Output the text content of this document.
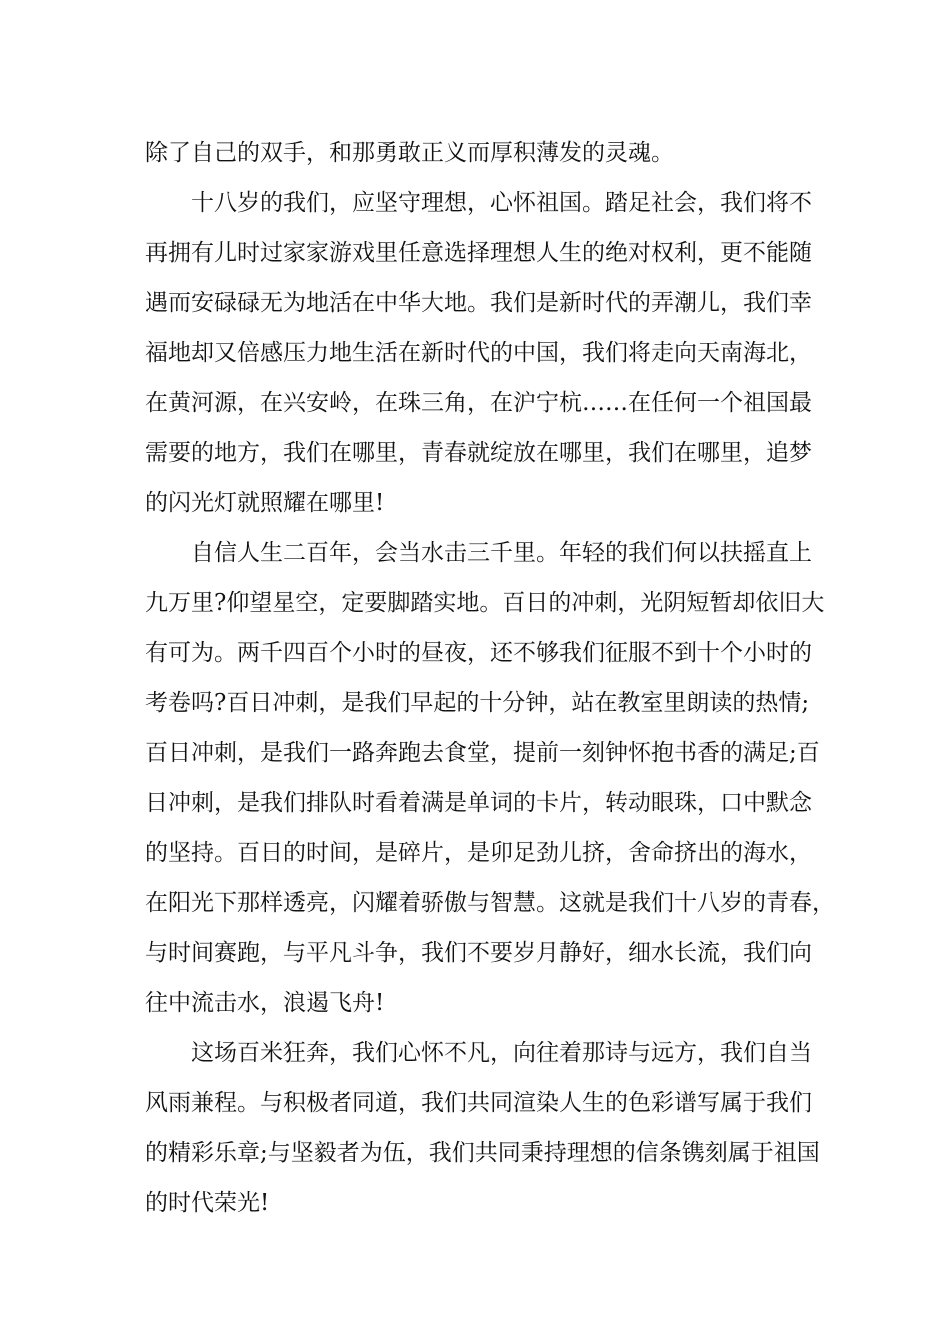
除了自己的双手，和那勇敢正义而厚积薄发的灵魂。
十八岁的我们，应坚守理想，心怀祖国。踏足社会，我们将不
再拥有儿时过家家游戏里任意选择理想人生的绝对权利，更不能随
遇而安碌碌无为地活在中华大地。我们是新时代的弄潮儿，我们幸
福地却又倍感压力地生活在新时代的中国，我们将走向天南海北，
在黄河源，在兴安岭，在珠三角，在沪宁杭……在任何一个祖国最
需要的地方，我们在哪里，青春就绽放在哪里，我们在哪里，追梦
的闪光灯就照耀在哪里!
自信人生二百年，会当水击三千里。年轻的我们何以扶摇直上
九万里?仰望星空，定要脚踏实地。百日的冲刺，光阴短暂却依旧大
有可为。两千四百个小时的昼夜，还不够我们征服不到十个小时的
考卷吗?百日冲刺，是我们早起的十分钟，站在教室里朗读的热情;
百日冲刺，是我们一路奔跑去食堂，提前一刻钟怀抱书香的满足;百
日冲刺，是我们排队时看着满是单词的卡片，转动眼珠，口中默念
的坚持。百日的时间，是碎片，是卯足劲儿挤，舍命挤出的海水，
在阳光下那样透亮，闪耀着骄傲与智慧。这就是我们十八岁的青春，
与时间赛跑，与平凡斗争，我们不要岁月静好，细水长流，我们向
往中流击水，浪遏飞舟!
这场百米狂奔，我们心怀不凡，向往着那诗与远方，我们自当
风雨兼程。与积极者同道，我们共同渲染人生的色彩谱写属于我们
的精彩乐章;与坚毅者为伍，我们共同秉持理想的信条镌刻属于祖国
的时代荣光!
